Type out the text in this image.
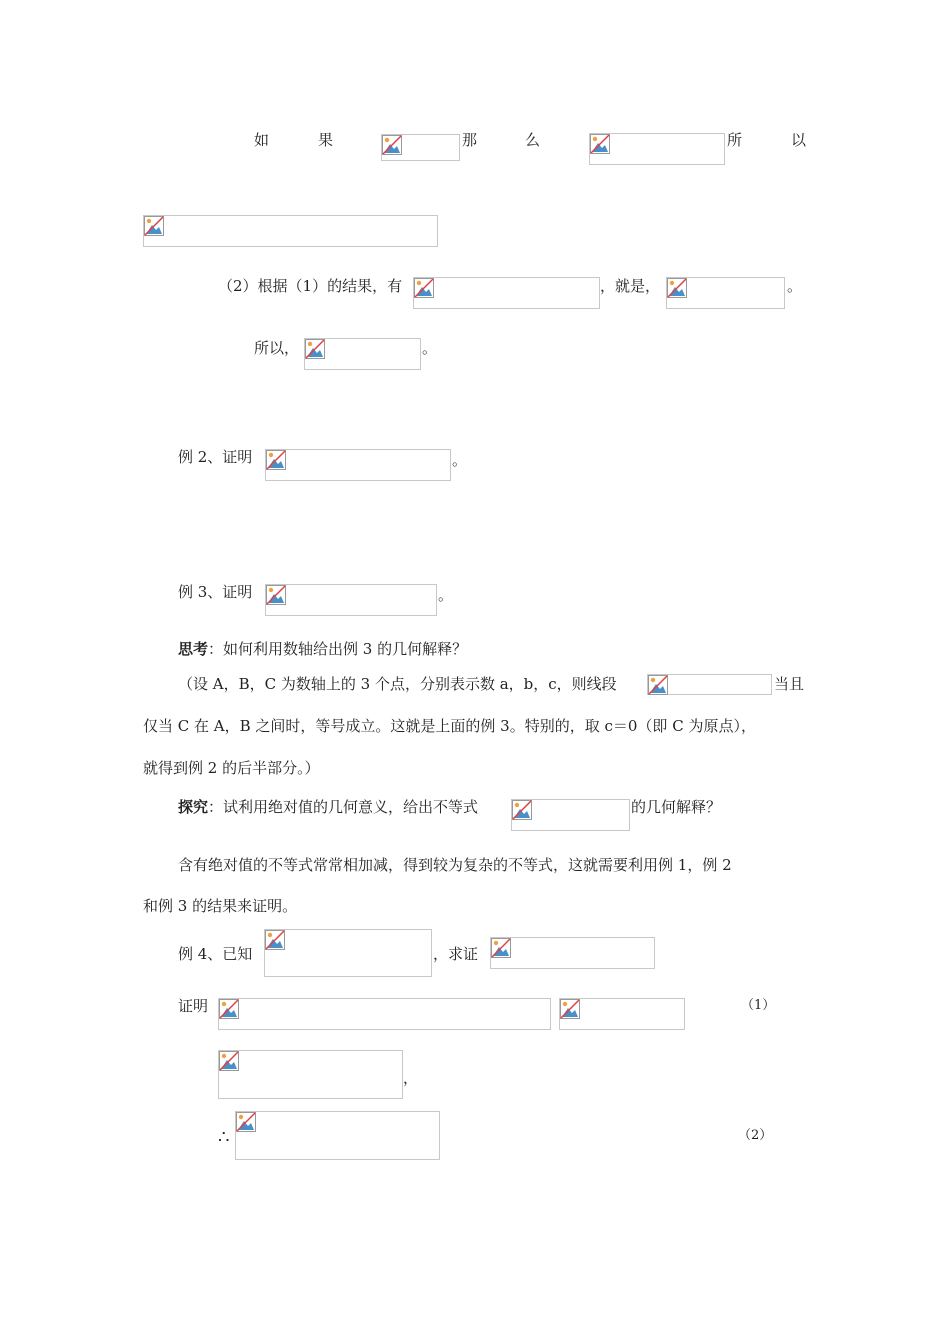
如	果	那	么	所	以
（2）根据（1）的结果，有	，就是，	。
所以，	。
例 2、证明	。
例 3、证明	。
思考：如何利用数轴给出例 3 的几何解释？
（设 A，B，C 为数轴上的 3 个点，分别表示数 a，b，c，则线段	当且
仅当 C 在 A，B 之间时，等号成立。这就是上面的例 3。特别的，取 c＝0（即 C 为原点），
就得到例 2 的后半部分。）
探究：试利用绝对值的几何意义，给出不等式	的几何解释？
含有绝对值的不等式常常相加减，得到较为复杂的不等式，这就需要利用例 1，例 2
和例 3 的结果来证明。
例 4、已知	，求证
证明	（1）
，
∴	（2）
